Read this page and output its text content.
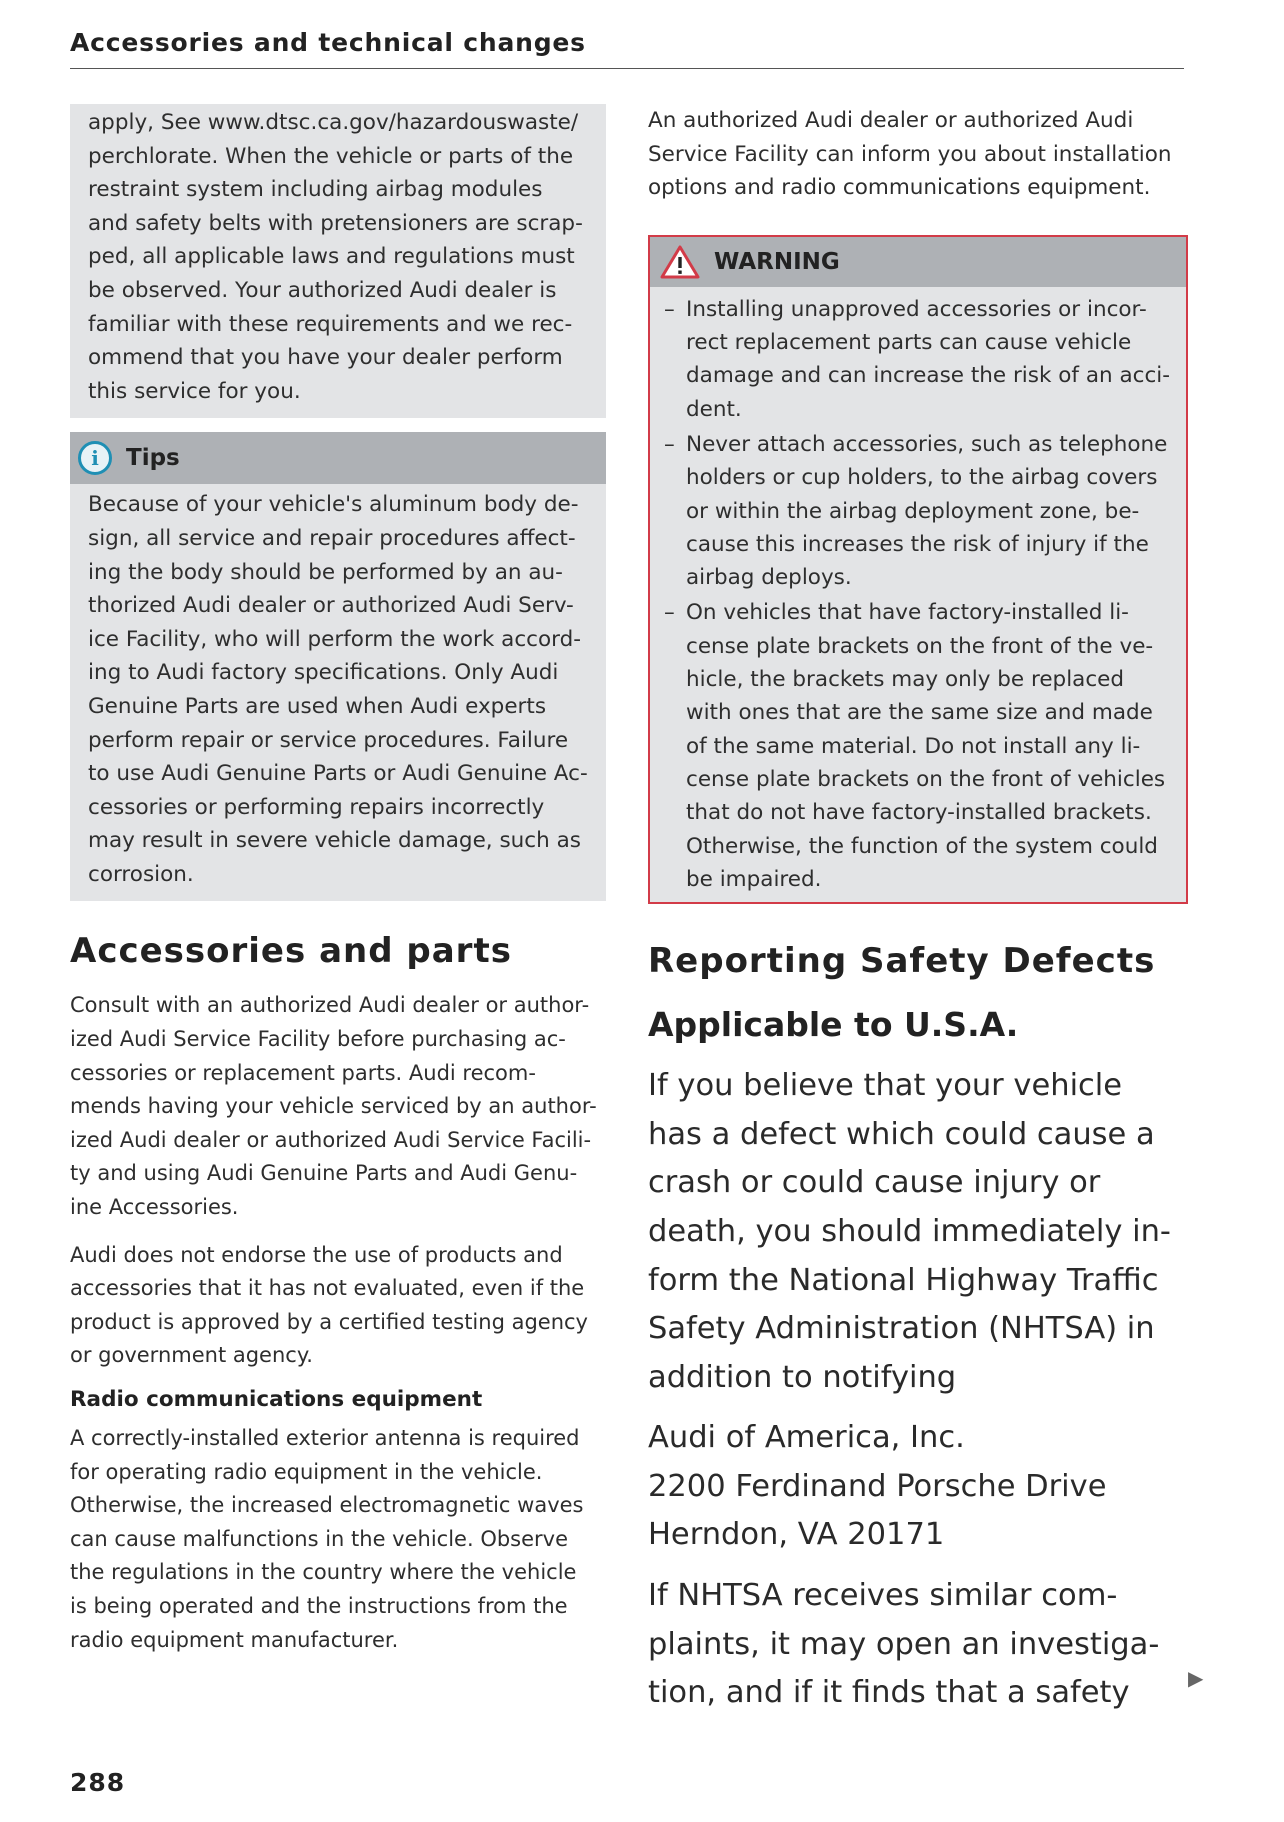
Accessories and technical changes

apply, See www.dtsc.ca.gov/hazardouswaste/

perchlorate. When the vehicle or parts of the

restraint system including airbag modules

and safety belts with pretensioners are scrap-

ped, all applicable laws and regulations must

be observed. Your authorized Audi dealer is

familiar with these requirements and we rec-

ommend that you have your dealer perform

this service for you.

i	Tips

Because of your vehicle's aluminum body de-

sign, all service and repair procedures affect-

ing the body should be performed by an au-

thorized Audi dealer or authorized Audi Serv-

ice Facility, who will perform the work accord-

ing to Audi factory specifications. Only Audi

Genuine Parts are used when Audi experts

perform repair or service procedures. Failure

to use Audi Genuine Parts or Audi Genuine Ac-

cessories or performing repairs incorrectly

may result in severe vehicle damage, such as

corrosion.

Accessories and parts
Consult with an authorized Audi dealer or author-
ized Audi Service Facility before purchasing ac-
cessories or replacement parts. Audi recom-
mends having your vehicle serviced by an author-
ized Audi dealer or authorized Audi Service Facili-
ty and using Audi Genuine Parts and Audi Genu-
ine Accessories.
Audi does not endorse the use of products and
accessories that it has not evaluated, even if the
product is approved by a certified testing agency
or government agency.
Radio communications equipment
A correctly-installed exterior antenna is required
for operating radio equipment in the vehicle.
Otherwise, the increased electromagnetic waves
can cause malfunctions in the vehicle. Observe
the regulations in the country where the vehicle
is being operated and the instructions from the
radio equipment manufacturer.
An authorized Audi dealer or authorized Audi
Service Facility can inform you about installation
options and radio communications equipment.
WARNING
– Installing unapproved accessories or incor-
rect replacement parts can cause vehicle
damage and can increase the risk of an acci-
dent.
– Never attach accessories, such as telephone
holders or cup holders, to the airbag covers
or within the airbag deployment zone, be-
cause this increases the risk of injury if the
airbag deploys.
– On vehicles that have factory-installed li-
cense plate brackets on the front of the ve-
hicle, the brackets may only be replaced
with ones that are the same size and made
of the same material. Do not install any li-
cense plate brackets on the front of vehicles
that do not have factory-installed brackets.
Otherwise, the function of the system could
be impaired.
Reporting Safety Defects
Applicable to U.S.A.
If you believe that your vehicle
has a defect which could cause a
crash or could cause injury or
death, you should immediately in-
form the National Highway Traffic
Safety Administration (NHTSA) in
addition to notifying
Audi of America, Inc.
2200 Ferdinand Porsche Drive
Herndon, VA 20171
If NHTSA receives similar com-
plaints, it may open an investiga-
tion, and if it finds that a safety	▶
288
